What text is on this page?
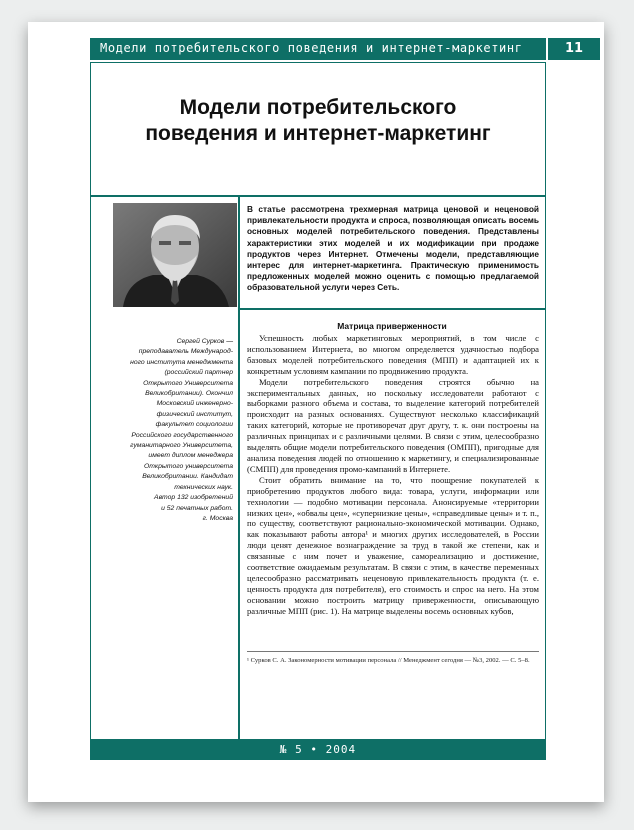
Модели потребительского поведения и интернет-маркетинг	11
Модели потребительского
поведения и интернет-маркетинг
Сергей Сурков —
преподаватель Международ-
ного института менеджмента
(российский партнер
Открытого Университета
Великобритании). Окончил
Московский инженерно-
физический институт,
факультет социологии
Российского государственного
гуманитарного Университета,
имеет диплом менеджера
Открытого университета
Великобритании. Кандидат
технических наук.
Автор 132 изобретений
и 52 печатных работ.
г. Москва
В статье рассмотрена трехмерная матрица ценовой и неценовой привлекательности продукта и спроса, позволяющая описать восемь основных моделей потребительского поведения. Представлены характеристики этих моделей и их модификации при продаже продуктов через Интернет. Отмечены модели, представляющие интерес для интернет-маркетинга. Практическую применимость предложенных моделей можно оценить с помощью предлагаемой образовательной услуги через Сеть.
Матрица приверженности

Успешность любых маркетинговых мероприятий, в том числе с использованием Интернета, во многом определяется удачностью подбора базовых моделей потребительского поведения (МПП) и адаптацией их к конкретным условиям кампании по продвижению продукта.

Модели потребительского поведения строятся обычно на экспериментальных данных, но поскольку исследователи работают с выборками разного объема и состава, то выделение категорий потребителей происходит на разных основаниях. Существуют несколько классификаций таких категорий, которые не противоречат друг другу, т. к. они построены на различных принципах и с различными целями. В связи с этим, целесообразно выделять общие модели потребительского поведения (ОМПП), пригодные для анализа поведения людей по отношению к маркетингу, и специализированные (СМПП) для проведения промо-кампаний в Интернете.

Стоит обратить внимание на то, что поощрение покупателей к приобретению продуктов любого вида: товара, услуги, информации или технологии — подобно мотивации персонала. Анонсируемые «территории низких цен», «обвалы цен», «супернизкие цены», «справедливые цены» и т. п., по существу, соответствуют рационально-экономической мотивации. Однако, как показывают работы автора¹ и многих других исследователей, в России люди ценят денежное вознаграждение за труд в такой же степени, как и связанные с ним почет и уважение, самореализацию и достижение, соответствие ожидаемым результатам. В связи с этим, в качестве переменных целесообразно рассматривать неценовую привлекательность продукта (т. е. ценность продукта для потребителя), его стоимость и спрос на него. На этом основании можно построить матрицу приверженности, описывающую различные МПП (рис. 1). На матрице выделены восемь основных кубов,

¹ Сурков С. А. Закономерности мотивации персонала // Менеджмент сегодня — №3, 2002. — С. 5–8.
№ 5 • 2004
